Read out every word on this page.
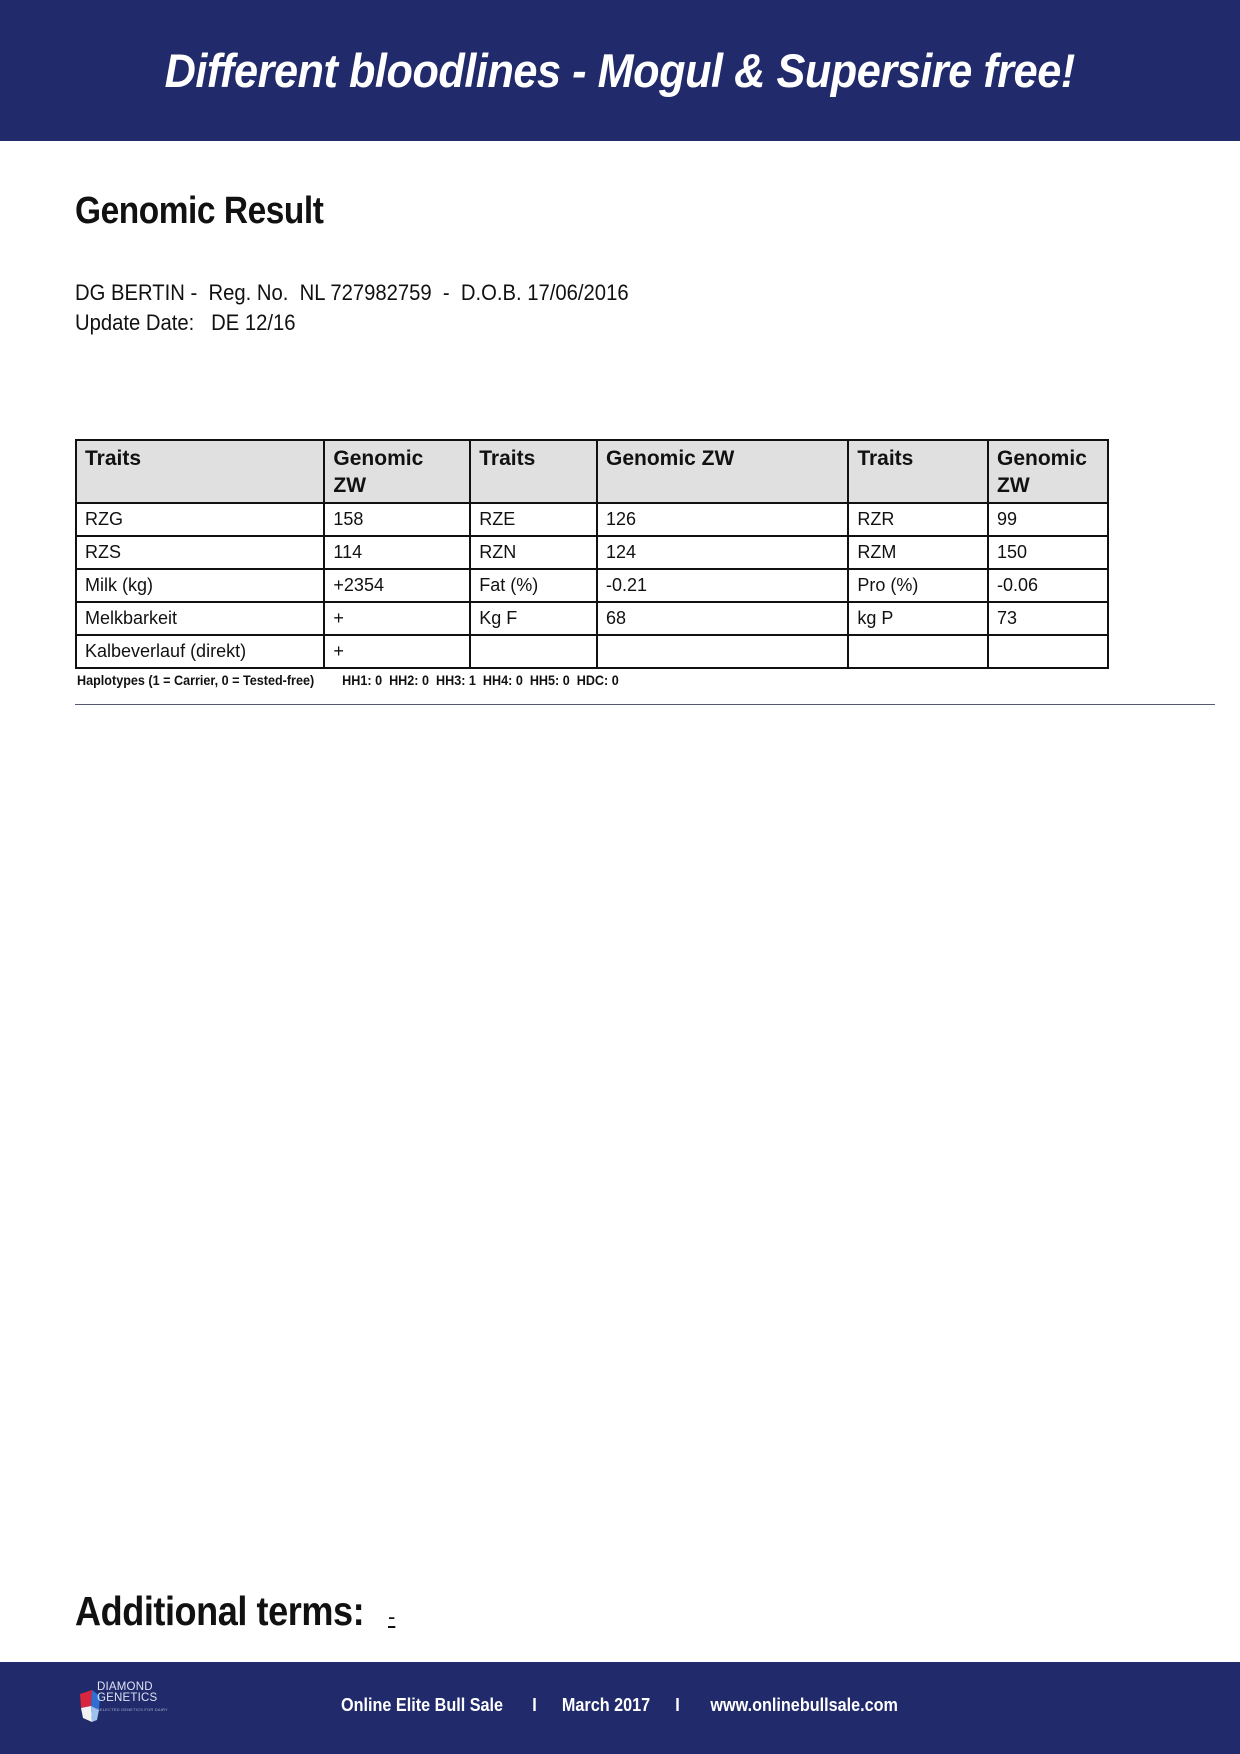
Different bloodlines - Mogul & Supersire free!
Genomic Result
DG BERTIN - Reg. No. NL 727982759 - D.O.B. 17/06/2016
Update Date: DE 12/16
Traits	Genomic ZW	Traits	Genomic ZW	Traits	Genomic
ZW
RZG	158	RZE	126	RZR	99
RZS	114	RZN	124	RZM	150
Milk (kg)	+2354	Fat (%)	-0.21	Pro (%)	-0.06
Melkbarkeit	+	Kg F	68	kg P	73
Kalbeverlauf (direkt)	+				
Haplotypes (1 = Carrier, 0 = Tested-free) HH1: 0  HH2: 0  HH3: 1  HH4: 0  HH5: 0  HDC: 0
Additional terms: -
DIAMOND
GENETICS
SELECTED GENETICS FOR DAIRY	Online Elite Bull Sale I March 2017 I www.onlinebullsale.com
